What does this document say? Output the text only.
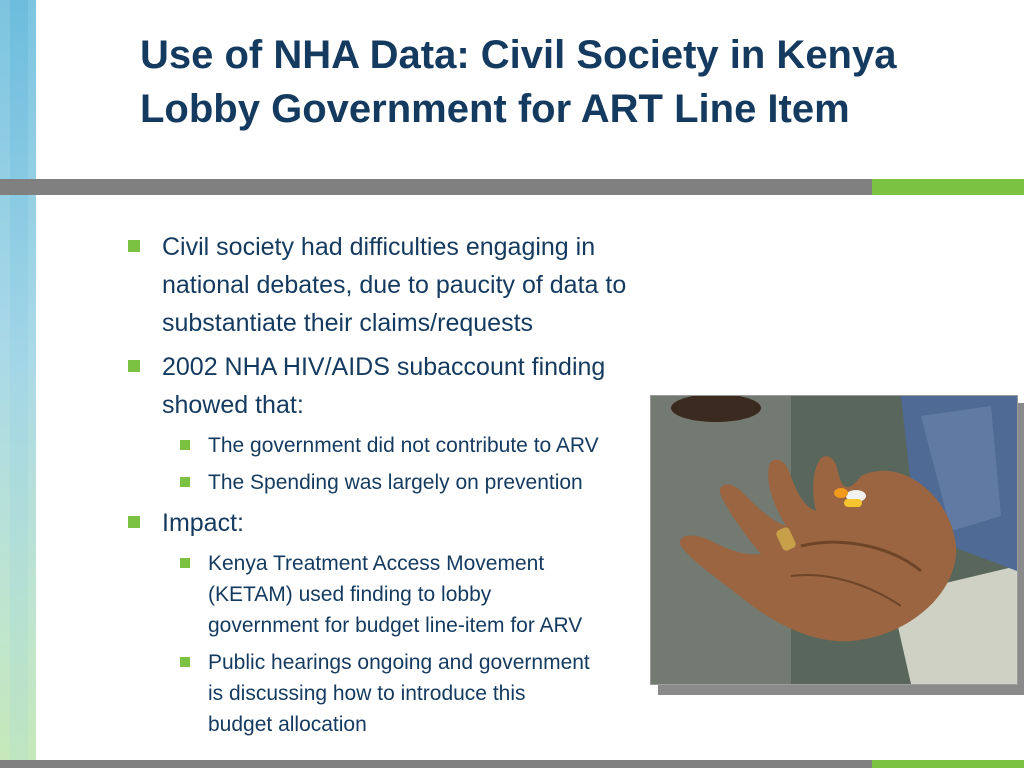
Use of NHA Data: Civil Society in Kenya
Lobby Government for ART Line Item
Civil society had difficulties engaging in
national debates, due to paucity of data to
substantiate their claims/requests
2002 NHA HIV/AIDS subaccount finding
showed that:
The government did not contribute to ARV
The Spending was largely on prevention
Impact:
Kenya Treatment Access Movement
(KETAM) used finding to lobby
government for budget line-item for ARV
Public hearings ongoing and government
is discussing how to introduce this
budget allocation
